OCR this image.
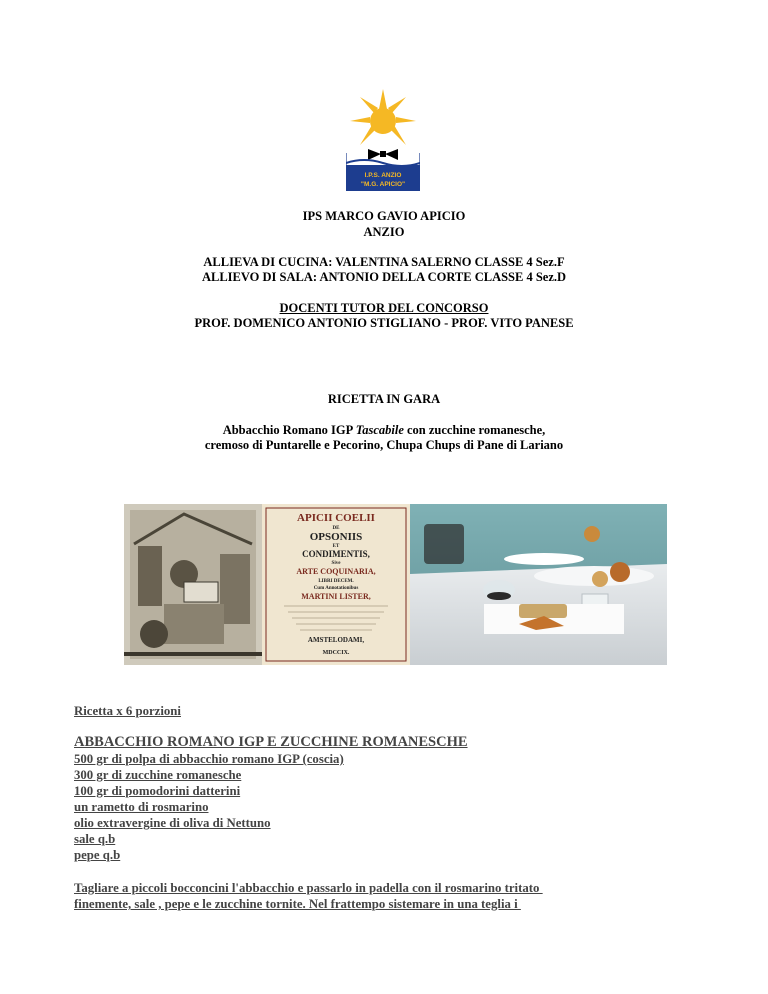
I.P.S. ANZIO
"M.G. APICIO"
IPS MARCO GAVIO APICIO
ANZIO
ALLIEVA DI CUCINA: VALENTINA SALERNO CLASSE 4 Sez.F
ALLIEVO DI SALA: ANTONIO DELLA CORTE CLASSE 4 Sez.D
DOCENTI TUTOR DEL CONCORSO
PROF. DOMENICO ANTONIO STIGLIANO - PROF. VITO PANESE
RICETTA IN GARA
Abbacchio Romano IGP Tascabile con zucchine romanesche,
cremoso di Puntarelle e Pecorino, Chupa Chups di Pane di Lariano
APICII COELII
DE
OPSONIIS
ET
CONDIMENTIS,
Sive
ARTE COQUINARIA,
LIBRI DECEM.
Cum Annotationibus
MARTINI LISTER,
AMSTELODAMI,
MDCCIX.
Ricetta x 6 porzioni
ABBACCHIO ROMANO IGP E ZUCCHINE ROMANESCHE
500 gr di polpa di abbacchio romano IGP (coscia)
300 gr di zucchine romanesche
100 gr di pomodorini datterini
un rametto di rosmarino
olio extravergine di oliva di Nettuno
sale q.b
pepe q.b
Tagliare a piccoli bocconcini l'abbacchio e passarlo in padella con il rosmarino tritato
finemente, sale , pepe e le zucchine tornite. Nel frattempo sistemare in una teglia i
